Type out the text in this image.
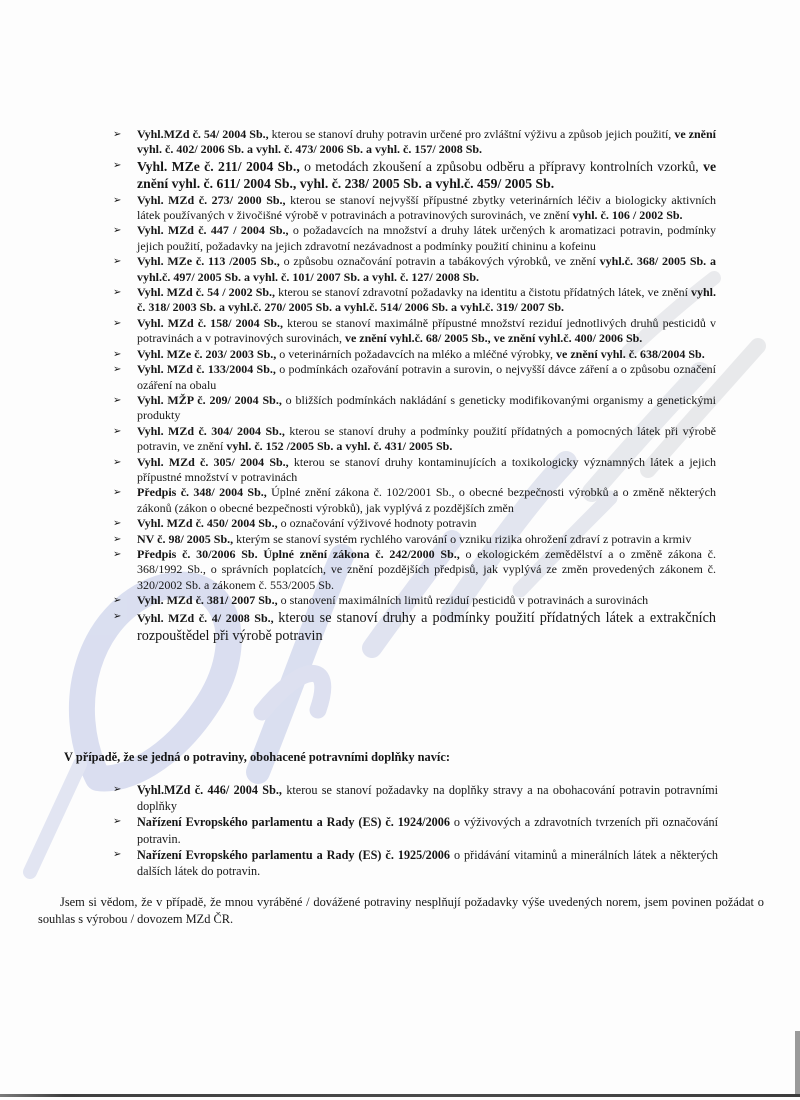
➢ Vyhl.MZd č. 54/ 2004 Sb., kterou se stanoví druhy potravin určené pro zvláštní výživu a způsob jejich použití, ve znění vyhl. č. 402/ 2006 Sb. a vyhl. č. 473/ 2006 Sb. a vyhl. č. 157/ 2008 Sb.
➢ Vyhl. MZe č. 211/ 2004 Sb., o metodách zkoušení a způsobu odběru a přípravy kontrolních vzorků, ve znění vyhl. č. 611/ 2004 Sb., vyhl. č. 238/ 2005 Sb. a vyhl.č. 459/ 2005 Sb.
➢ Vyhl. MZd č. 273/ 2000 Sb., kterou se stanoví nejvyšší přípustné zbytky veterinárních léčiv a biologicky aktivních látek používaných v živočišné výrobě v potravinách a potravinových surovinách, ve znění vyhl. č. 106 / 2002 Sb.
➢ Vyhl. MZd č. 447 / 2004 Sb., o požadavcích na množství a druhy látek určených k aromatizaci potravin, podmínky jejich použití, požadavky na jejich zdravotní nezávadnost a podmínky použití chininu a kofeinu
➢ Vyhl. MZe č. 113 /2005 Sb., o způsobu označování potravin a tabákových výrobků, ve znění vyhl.č. 368/ 2005 Sb. a vyhl.č. 497/ 2005 Sb. a vyhl. č. 101/ 2007 Sb. a vyhl. č. 127/ 2008 Sb.
➢ Vyhl. MZd č. 54 / 2002 Sb., kterou se stanoví zdravotní požadavky na identitu a čistotu přídatných látek, ve znění vyhl. č. 318/ 2003 Sb. a vyhl.č. 270/ 2005 Sb. a vyhl.č. 514/ 2006 Sb. a vyhl.č. 319/ 2007 Sb.
➢ Vyhl. MZd č. 158/ 2004 Sb., kterou se stanoví maximálně přípustné množství reziduí jednotlivých druhů pesticidů v potravinách a v potravinových surovinách, ve znění vyhl.č. 68/ 2005 Sb., ve znění vyhl.č. 400/ 2006 Sb.
➢ Vyhl. MZe č. 203/ 2003 Sb., o veterinárních požadavcích na mléko a mléčné výrobky, ve znění vyhl. č. 638/2004 Sb.
➢ Vyhl. MZd č. 133/2004 Sb., o podmínkách ozařování potravin a surovin, o nejvyšší dávce záření a o způsobu označení ozáření na obalu
➢ Vyhl. MŽP č. 209/ 2004 Sb., o bližších podmínkách nakládání s geneticky modifikovanými organismy a genetickými produkty
➢ Vyhl. MZd č. 304/ 2004 Sb., kterou se stanoví druhy a podmínky použití přídatných a pomocných látek při výrobě potravin, ve znění vyhl. č. 152 /2005 Sb. a vyhl. č. 431/ 2005 Sb.
➢ Vyhl. MZd č. 305/ 2004 Sb., kterou se stanoví druhy kontaminujících a toxikologicky významných látek a jejich přípustné množství v potravinách
➢ Předpis č. 348/ 2004 Sb., Úplné znění zákona č. 102/2001 Sb., o obecné bezpečnosti výrobků a o změně některých zákonů (zákon o obecné bezpečnosti výrobků), jak vyplývá z pozdějších změn
➢ Vyhl. MZd č. 450/ 2004 Sb., o označování výživové hodnoty potravin
➢ NV č. 98/ 2005 Sb., kterým se stanoví systém rychlého varování o vzniku rizika ohrožení zdraví z potravin a krmiv
➢ Předpis č. 30/2006 Sb. Úplné znění zákona č. 242/2000 Sb., o ekologickém zemědělství a o změně zákona č. 368/1992 Sb., o správních poplatcích, ve znění pozdějších předpisů, jak vyplývá ze změn provedených zákonem č. 320/2002 Sb. a zákonem č. 553/2005 Sb.
➢ Vyhl. MZd č. 381/ 2007 Sb., o stanovení maximálních limitů reziduí pesticidů v potravinách a surovinách
➢ Vyhl. MZd č. 4/ 2008 Sb., kterou se stanoví druhy a podmínky použití přídatných látek a extrakčních rozpouštědel při výrobě potravin
V případě, že se jedná o potraviny, obohacené potravními doplňky navíc:
➢ Vyhl.MZd č. 446/ 2004 Sb., kterou se stanoví požadavky na doplňky stravy a na obohacování potravin potravními doplňky
➢ Nařízení Evropského parlamentu a Rady (ES) č. 1924/2006 o výživových a zdravotních tvrzeních při označování potravin.
➢ Nařízení Evropského parlamentu a Rady (ES) č. 1925/2006 o přidávání vitaminů a minerálních látek a některých dalších látek do potravin.

Jsem si vědom, že v případě, že mnou vyráběné / dovážené potraviny nesplňují požadavky výše uvedených norem, jsem povinen požádat o souhlas s výrobou / dovozem MZd ČR.
